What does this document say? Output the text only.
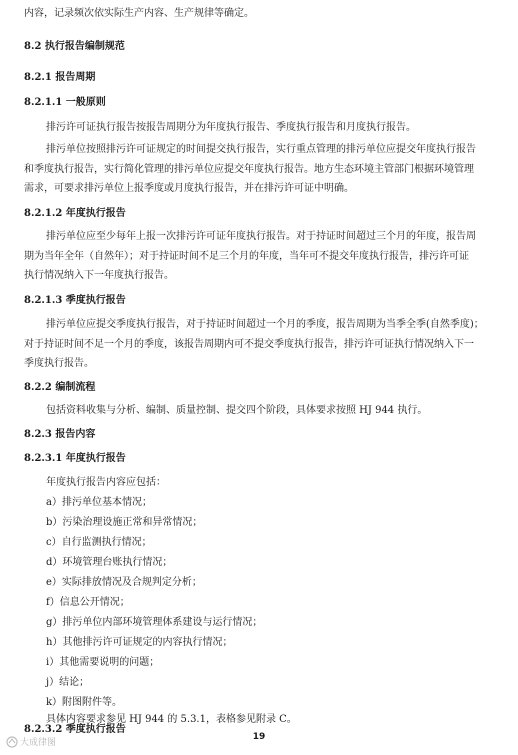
内容，记录频次依实际生产内容、生产规律等确定。
8.2 执行报告编制规范
8.2.1 报告周期
8.2.1.1 一般原则
排污许可证执行报告按报告周期分为年度执行报告、季度执行报告和月度执行报告。
排污单位按照排污许可证规定的时间提交执行报告，实行重点管理的排污单位应提交年度执行报告
和季度执行报告，实行简化管理的排污单位应提交年度执行报告。地方生态环境主管部门根据环境管理
需求，可要求排污单位上报季度或月度执行报告，并在排污许可证中明确。
8.2.1.2 年度执行报告
排污单位应至少每年上报一次排污许可证年度执行报告。对于持证时间超过三个月的年度，报告周
期为当年全年（自然年）；对于持证时间不足三个月的年度，当年可不提交年度执行报告，排污许可证
执行情况纳入下一年度执行报告。
8.2.1.3 季度执行报告
排污单位应提交季度执行报告，对于持证时间超过一个月的季度，报告周期为当季全季(自然季度)；
对于持证时间不足一个月的季度，该报告周期内可不提交季度执行报告，排污许可证执行情况纳入下一
季度执行报告。
8.2.2 编制流程
包括资料收集与分析、编制、质量控制、提交四个阶段，具体要求按照 HJ 944 执行。
8.2.3 报告内容
8.2.3.1 年度执行报告
年度执行报告内容应包括：
a）排污单位基本情况；
b）污染治理设施正常和异常情况；
c）自行监测执行情况；
d）环境管理台账执行情况；
e）实际排放情况及合规判定分析；
f）信息公开情况；
g）排污单位内部环境管理体系建设与运行情况；
h）其他排污许可证规定的内容执行情况；
i）其他需要说明的问题；
j）结论；
k）附图附件等。
具体内容要求参见 HJ 944 的 5.3.1，表格参见附录 C。
19
大成律图
8.2.3.2 季度执行报告
